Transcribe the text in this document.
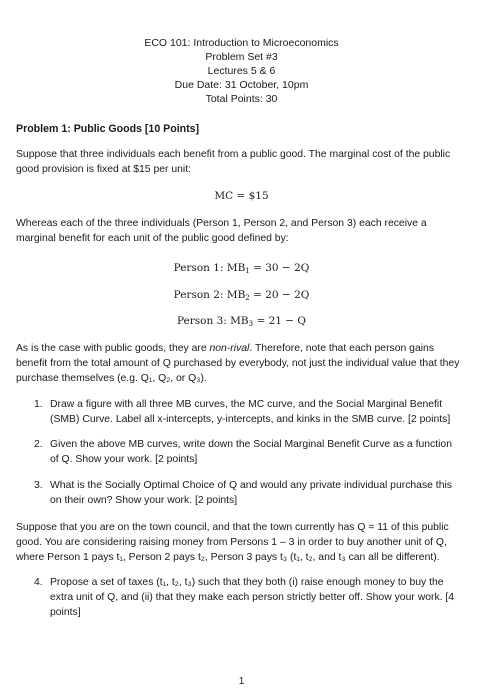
ECO 101: Introduction to Microeconomics
Problem Set #3
Lectures 5 & 6
Due Date: 31 October, 10pm
Total Points: 30
Problem 1: Public Goods [10 Points]
Suppose that three individuals each benefit from a public good. The marginal cost of the public good provision is fixed at $15 per unit:
MC = $15
Whereas each of the three individuals (Person 1, Person 2, and Person 3) each receive a marginal benefit for each unit of the public good defined by:
Person 1: $MB_1 = 30 - 2Q$
Person 2: $MB_2 = 20 - 2Q$
Person 3: $MB_3 = 21 - Q$
As is the case with public goods, they are non-rival. Therefore, note that each person gains benefit from the total amount of Q purchased by everybody, not just the individual value that they purchase themselves (e.g. Q₁, Q₂, or Q₃).
1. Draw a figure with all three MB curves, the MC curve, and the Social Marginal Benefit (SMB) Curve. Label all x-intercepts, y-intercepts, and kinks in the SMB curve. [2 points]
2. Given the above MB curves, write down the Social Marginal Benefit Curve as a function of Q. Show your work. [2 points]
3. What is the Socially Optimal Choice of Q and would any private individual purchase this on their own? Show your work. [2 points]
Suppose that you are on the town council, and that the town currently has Q = 11 of this public good. You are considering raising money from Persons 1 – 3 in order to buy another unit of Q, where Person 1 pays t₁, Person 2 pays t₂, Person 3 pays t₃ (t₁, t₂, and t₃ can all be different).
4. Propose a set of taxes (t₁, t₂, t₃) such that they both (i) raise enough money to buy the extra unit of Q, and (ii) that they make each person strictly better off. Show your work. [4 points]
1
